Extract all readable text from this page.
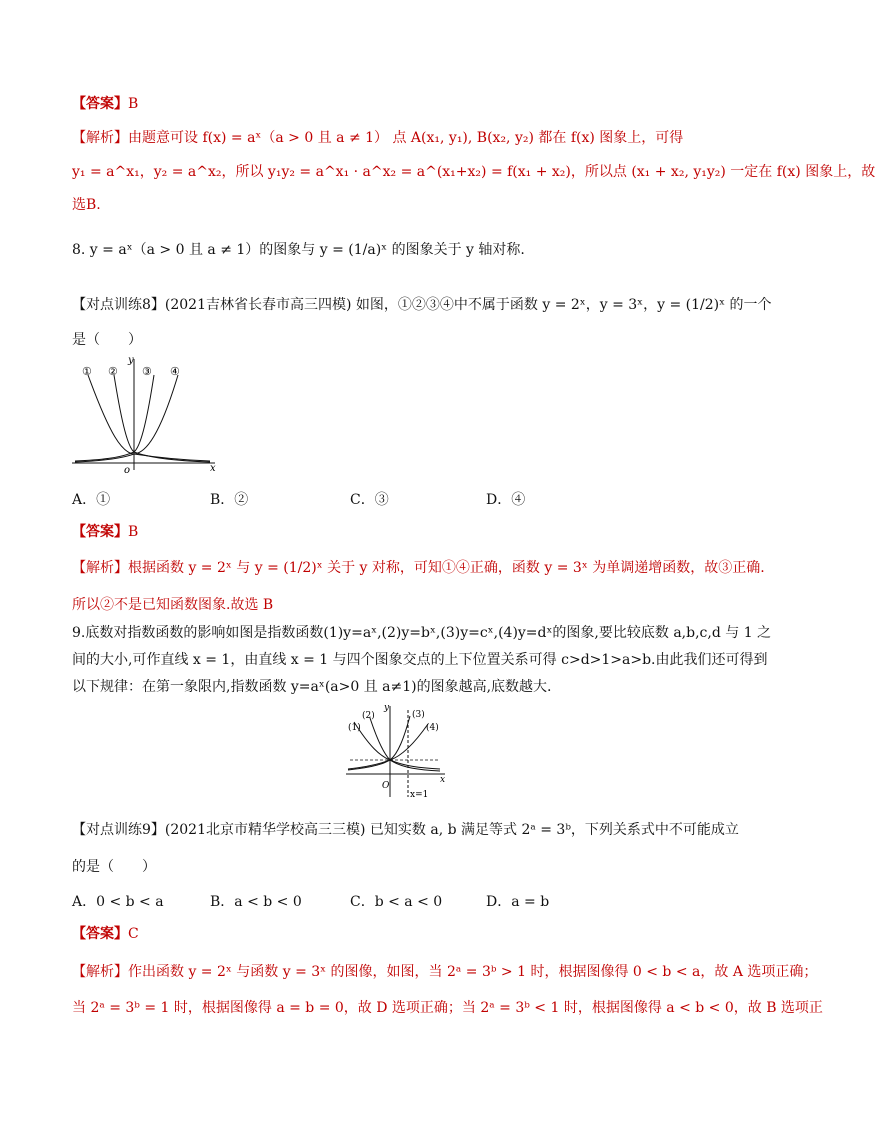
【答案】B
【解析】由题意可设 f(x) = aˣ（a > 0 且 a ≠ 1） 点 A(x₁, y₁), B(x₂, y₂) 都在 f(x) 图象上，可得
y₁ = a^x₁，y₂ = a^x₂，所以 y₁y₂ = a^x₁ · a^x₂ = a^(x₁+x₂) = f(x₁ + x₂)，所以点 (x₁ + x₂, y₁y₂) 一定在 f(x) 图象上，故
选B.
8. y = aˣ（a > 0 且 a ≠ 1）的图象与 y = (1/a)ˣ 的图象关于 y 轴对称.
【对点训练8】(2021吉林省长春市高三四模) 如图，①②③④中不属于函数 y = 2ˣ，y = 3ˣ，y = (1/2)ˣ 的一个
是（　　）
① ② ③ ④
y
x
o
A．①	B．②	C．③	D．④
【答案】B
【解析】根据函数 y = 2ˣ 与 y = (1/2)ˣ 关于 y 对称，可知①④正确，函数 y = 3ˣ 为单调递增函数，故③正确.
所以②不是已知函数图象.故选 B
9.底数对指数函数的影响如图是指数函数(1)y=aˣ,(2)y=bˣ,(3)y=cˣ,(4)y=dˣ的图象,要比较底数 a,b,c,d 与 1 之
间的大小,可作直线 x = 1，由直线 x = 1 与四个图象交点的上下位置关系可得 c>d>1>a>b.由此我们还可得到
以下规律：在第一象限内,指数函数 y=aˣ(a>0 且 a≠1)的图象越高,底数越大.
(1)
(2)	(3)
(4)
y
x
O
x=1
【对点训练9】(2021北京市精华学校高三三模) 已知实数 a, b 满足等式 2ᵃ = 3ᵇ，下列关系式中不可能成立
的是（　　）
A．0 < b < a	B．a < b < 0	C．b < a < 0	D．a = b
【答案】C
【解析】作出函数 y = 2ˣ 与函数 y = 3ˣ 的图像，如图，当 2ᵃ = 3ᵇ > 1 时，根据图像得 0 < b < a，故 A 选项正确；
当 2ᵃ = 3ᵇ = 1 时，根据图像得 a = b = 0，故 D 选项正确；当 2ᵃ = 3ᵇ < 1 时，根据图像得 a < b < 0，故 B 选项正
